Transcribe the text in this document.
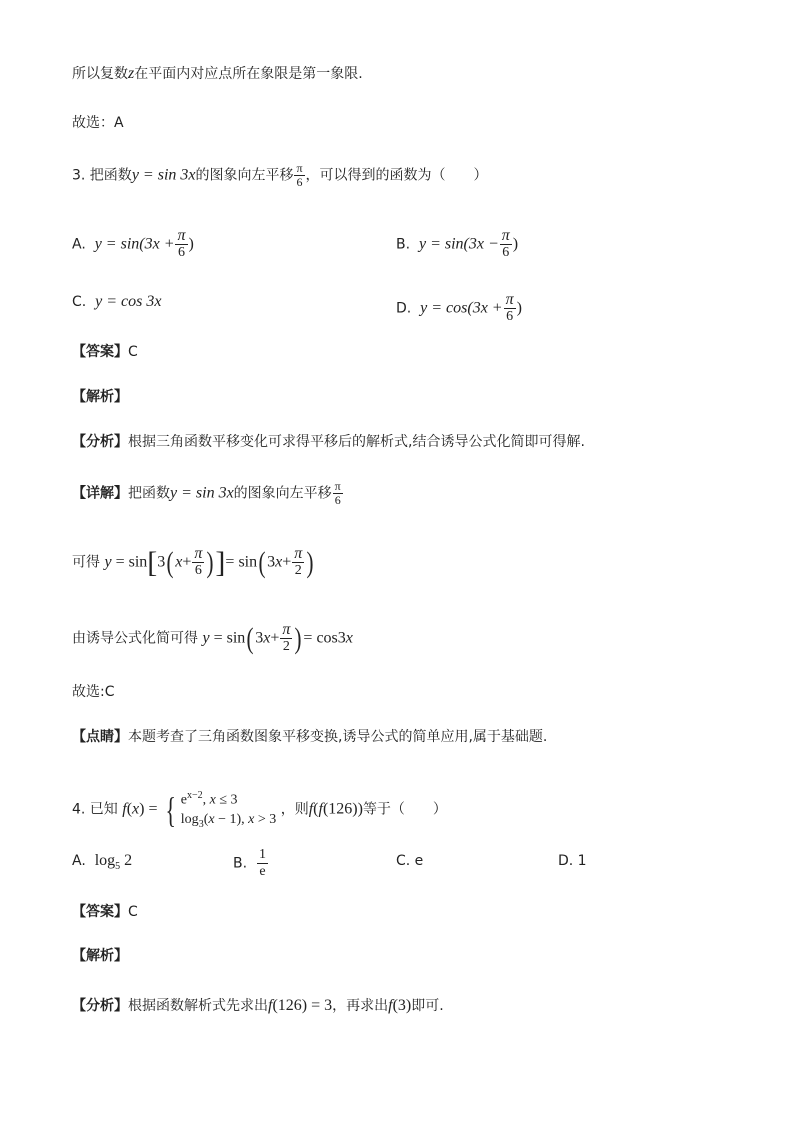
所以复数z在平面内对应点所在象限是第一象限.
故选：A
3. 把函数y = sin 3x的图象向左平移 $\frac{\pi}{6}$ ，可以得到的函数为（　　）
A. $y = \sin(3x + \frac{\pi}{6}$ )	B. $y = \sin(3x - \frac{\pi}{6}$ )
C. y = cos 3x	D. $y = \cos(3x + \frac{\pi}{6}$ )
【答案】C
【解析】
【分析】根据三角函数平移变化可求得平移后的解析式,结合诱导公式化简即可得解.
【详解】把函数y = sin 3x的图象向左平移 $\frac{\pi}{6}$
可得 $y = \sin[3(x+ \frac{\pi}{6}$ )]= $\sin(3x+ \frac{\pi}{2}$ )
由诱导公式化简可得 $y = \sin(3x+ \frac{\pi}{2}$ )= cos3x
故选:C
【点睛】本题考查了三角函数图象平移变换,诱导公式的简单应用,属于基础题.
4. 已知 f(x) = { $e^{x-2}$, x ≤ 3
$\log_3(x - 1)$, x > 3
，则f(f(126))等于（　　）
A. $\log_5 2$	B. $\frac{1}{e}$	C. e	D. 1
【答案】C
【解析】
【分析】根据函数解析式先求出f(126) = 3，再求出f(3)即可.
